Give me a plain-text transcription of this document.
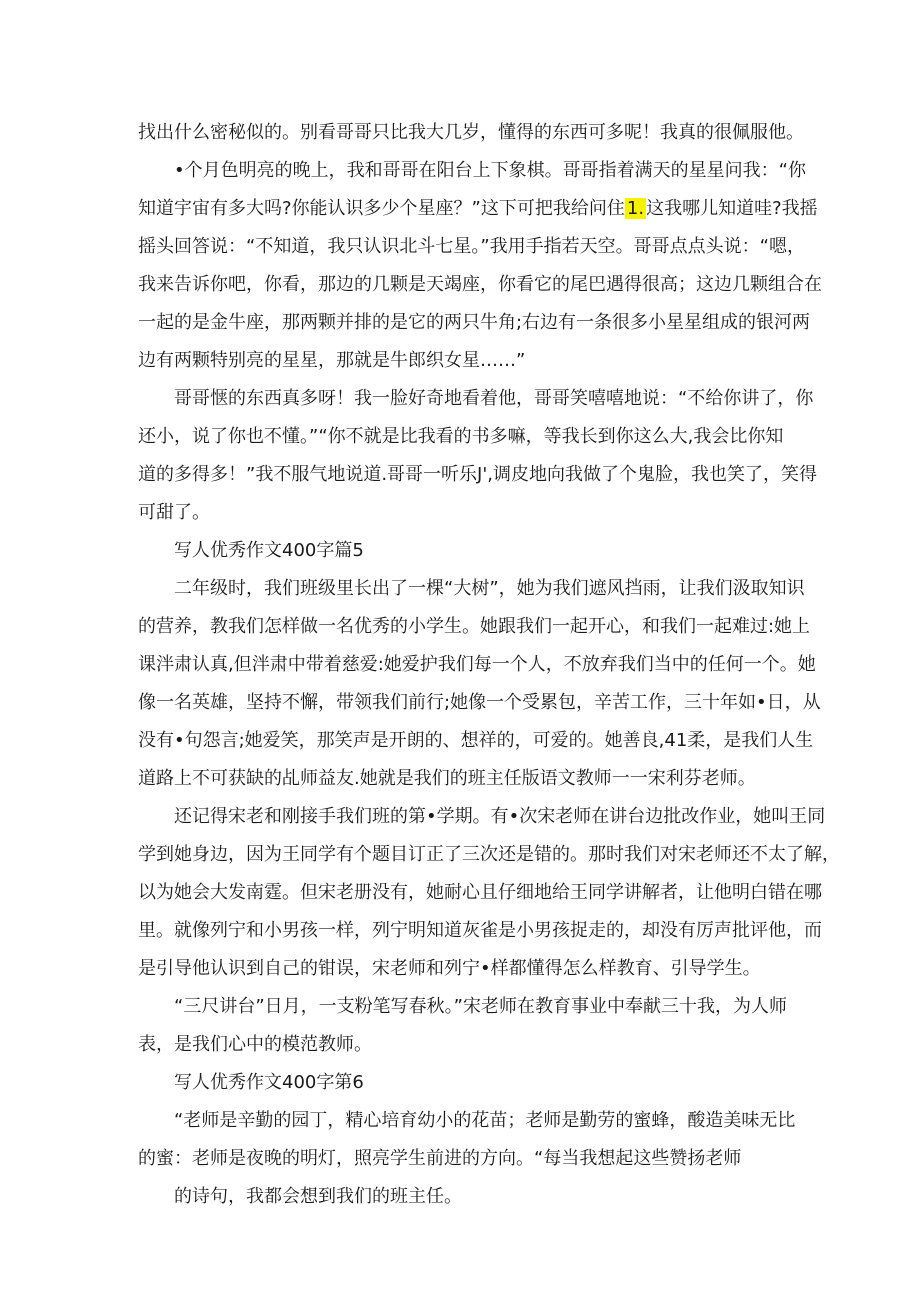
找出什么密秘似的。别看哥哥只比我大几岁，懂得的东西可多呢！我真的很佩服他。
•个月色明亮的晚上，我和哥哥在阳台上下象棋。哥哥指着满天的星星问我：“你
知道宇宙有多大吗?你能认识多少个星座？”这下可把我给问住 1. 这我哪儿知道哇?我摇
摇头回答说：“不知道，我只认识北斗七星。”我用手指若天空。哥哥点点头说：“嗯，
我来告诉你吧，你看，那边的几颗是天竭座，你看它的尾巴遇得很高；这边几颗组合在
一起的是金牛座，那两颗并排的是它的两只牛角;右边有一条很多小星星组成的银河两
边有两颗特别亮的星星，那就是牛郎织女星……”
哥哥惬的东西真多呀！我一脸好奇地看着他，哥哥笑嘻嘻地说：“不给你讲了，你
还小，说了你也不懂。”“你不就是比我看的书多嘛，等我长到你这么大,我会比你知
道的多得多！”我不服气地说道.哥哥一听乐J',调皮地向我做了个鬼脸，我也笑了，笑得
可甜了。
写人优秀作文400字篇5
二年级时，我们班级里长出了一棵“大树”，她为我们遮风挡雨，让我们汲取知识
的营养，教我们怎样做一名优秀的小学生。她跟我们一起开心，和我们一起难过:她上
课泮肃认真,但泮肃中带着慈爱:她爱护我们每一个人，不放弃我们当中的任何一个。她
像一名英雄，坚持不懈，带领我们前行;她像一个受累包，辛苦工作，三十年如•日，从
没有•句怨言;她爱笑，那笑声是开朗的、想祥的，可爱的。她善良,41柔，是我们人生
道路上不可获缺的乩师益友.她就是我们的班主任版语文教师一一宋利芬老师。
还记得宋老和刚接手我们班的第•学期。有•次宋老师在讲台边批改作业，她叫王同
学到她身边，因为王同学有个题目订正了三次还是错的。那时我们对宋老师还不太了解，
以为她会大发南霆。但宋老册没有，她耐心且仔细地给王同学讲解者，让他明白错在哪
里。就像列宁和小男孩一样，列宁明知道灰雀是小男孩捉走的，却没有厉声批评他，而
是引导他认识到自己的钳误，宋老师和列宁•样都懂得怎么样教育、引导学生。
“三尺讲台”日月，一支粉笔写春秋。”宋老师在教育事业中奉献三十我，为人师
表，是我们心中的模范教师。
写人优秀作文400字第6
“老师是辛勤的园丁，精心培育幼小的花苗；老师是勤劳的蜜蜂，酸造美味无比
的蜜：老师是夜晚的明灯，照亮学生前进的方向。“每当我想起这些赞扬老师
的诗句，我都会想到我们的班主任。
